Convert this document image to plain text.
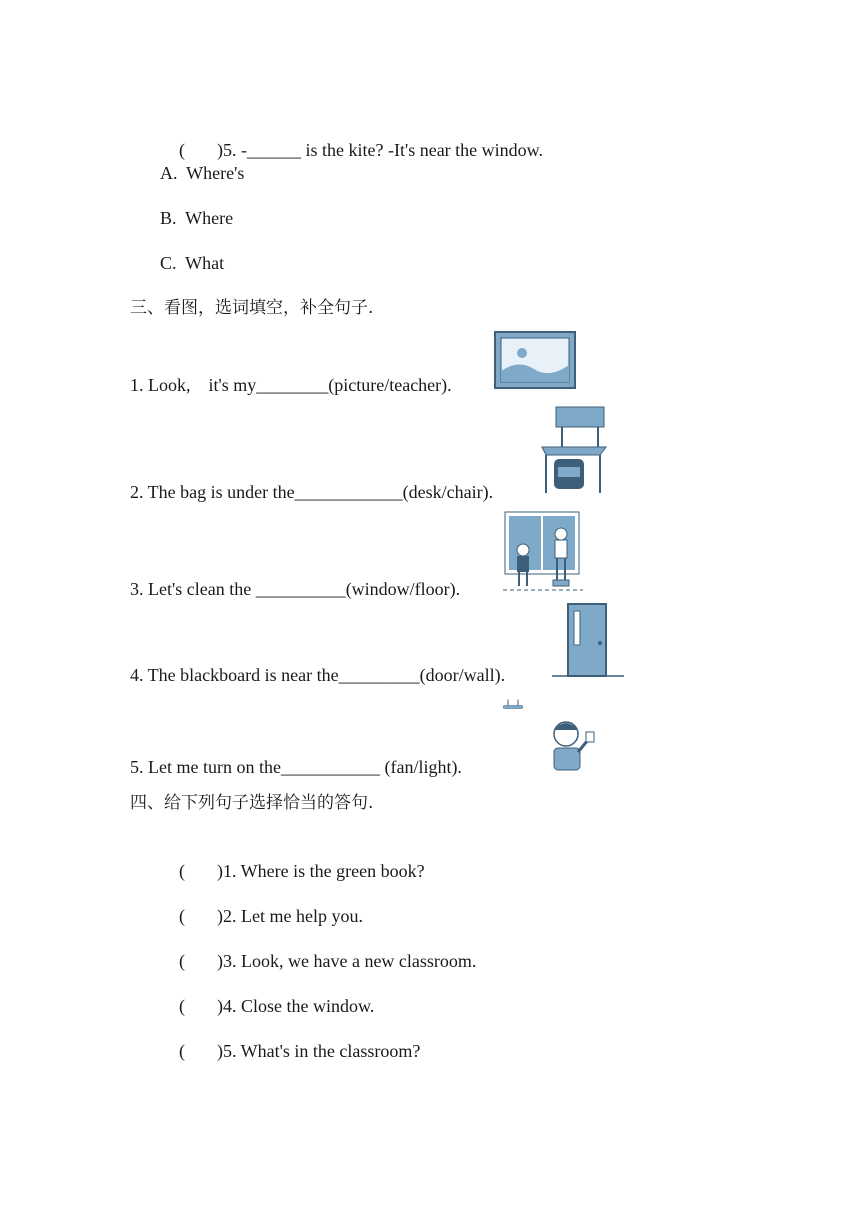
( )5. -______ is the kite? -It's near the window.

A.  Where's
B.  Where
C.  What
三、看图，选词填空，补全句子.
1. Look,    it's my________(picture/teacher).
2. The bag is under the____________(desk/chair).
3. Let's clean the __________(window/floor).
4. The blackboard is near the_________(door/wall).
5. Let me turn on the___________ (fan/light).
四、给下列句子选择恰当的答句.

( )1. Where is the green book?

( )2. Let me help you.

( )3. Look, we have a new classroom.

( )4. Close the window.

( )5. What's in the classroom?
